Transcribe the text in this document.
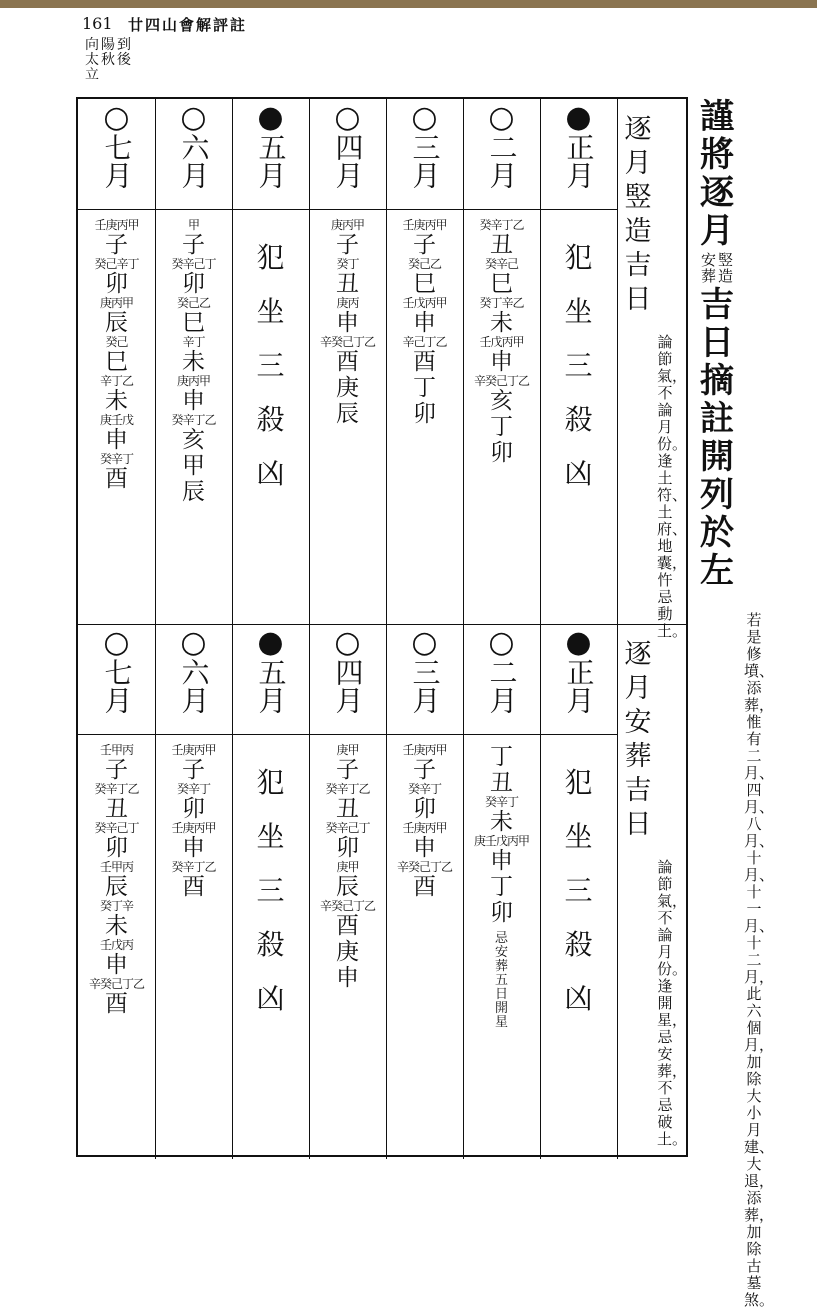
161 廿四山會解評註
向太立
陽秋
到後
逐月竪造吉日
論節氣，不論月份。逢土符、土府、地囊，忤忌動土。
●
正月
犯
坐
三
殺
凶
○
二月
癸辛丁乙
丑
癸辛己
巳
癸丁辛乙
未
壬戊丙甲
申
辛癸己丁乙
亥
丁
卯
○
三月
壬庚丙甲
子
癸己乙
巳
壬戊丙甲
申
辛己丁乙
酉
丁
卯
○
四月
庚丙甲
子
癸丁
丑
庚丙
申
辛癸己丁乙
酉
庚
辰
●
五月
犯
坐
三
殺
凶
○
六月
甲
子
癸辛己丁
卯
癸己乙
巳
辛丁
未
庚丙甲
申
癸辛丁乙
亥
甲
辰
○
七月
壬庚丙甲
子
癸己辛丁
卯
庚丙甲
辰
癸己
巳
辛丁乙
未
庚壬戊
申
癸辛丁
酉
逐月安葬吉日
論節氣，不論月份。逢開星，忌安葬，不忌破土。
●
正月
犯
坐
三
殺
凶
○
二月
丁
丑
癸辛丁
未
庚壬戊丙甲
申
丁
卯
忌安葬五日開星
○
三月
壬庚丙甲
子
癸辛丁
卯
壬庚丙甲
申
辛癸己丁乙
酉
○
四月
庚甲
子
癸辛丁乙
丑
癸辛己丁
卯
庚甲
辰
辛癸己丁乙
酉
庚
申
●
五月
犯
坐
三
殺
凶
○
六月
壬庚丙甲
子
癸辛丁
卯
壬庚丙甲
申
癸辛丁乙
酉
○
七月
壬甲丙
子
癸辛丁乙
丑
癸辛己丁
卯
壬甲丙
辰
癸丁辛
未
壬戊丙
申
辛癸己丁乙
酉
謹將逐月
安葬
竪造
吉日摘註開列於左
若是修墳、添葬，惟有二月、四月、八月、十月、十一月、十二月，此六個月，加除大小月建、大退，添葬，加除古墓煞。
